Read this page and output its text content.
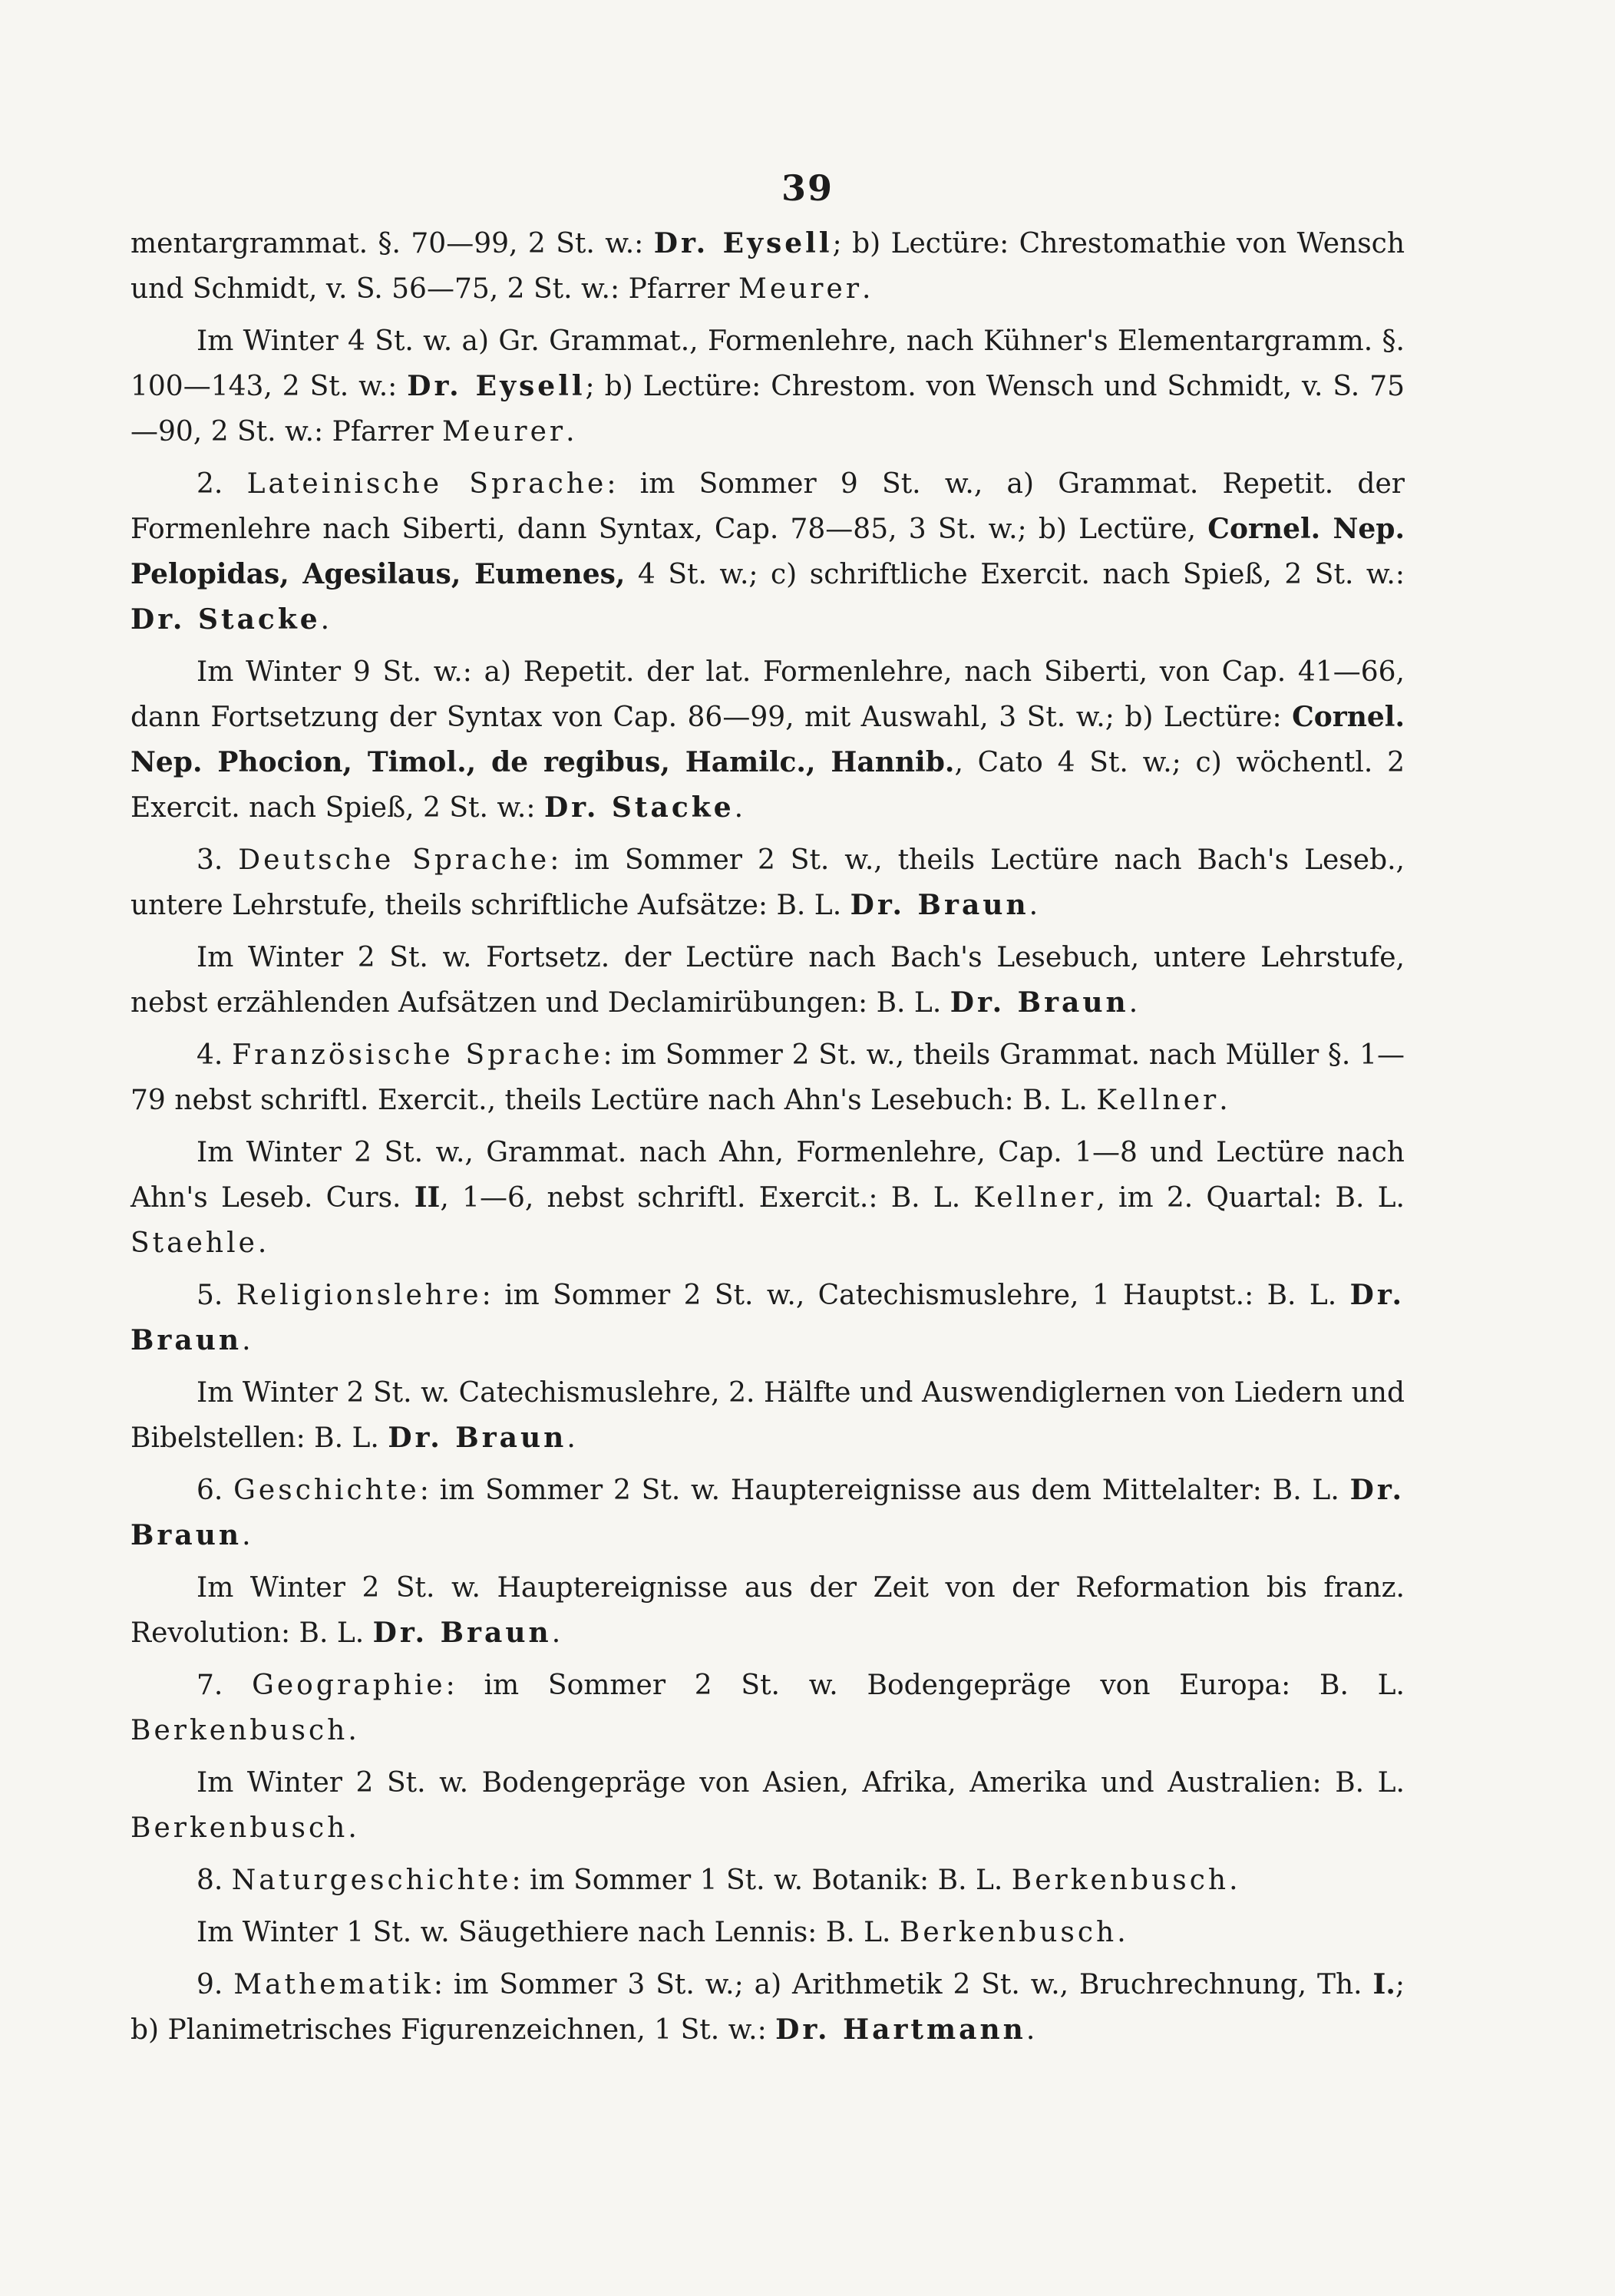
39

mentargrammat. §. 70—99, 2 St. w.: Dr. Eysell; b) Lectüre: Chrestomathie von Wensch und Schmidt, v. S. 56—75, 2 St. w.: Pfarrer Meurer.

Im Winter 4 St. w. a) Gr. Grammat., Formenlehre, nach Kühner's Elementargramm. §. 100—143, 2 St. w.: Dr. Eysell; b) Lectüre: Chrestom. von Wensch und Schmidt, v. S. 75—90, 2 St. w.: Pfarrer Meurer.

2. Lateinische Sprache: im Sommer 9 St. w., a) Grammat. Repetit. der Formenlehre nach Siberti, dann Syntax, Cap. 78—85, 3 St. w.; b) Lectüre, Cornel. Nep. Pelopidas, Agesilaus, Eumenes, 4 St. w.; c) schriftliche Exercit. nach Spieß, 2 St. w.: Dr. Stacke.

Im Winter 9 St. w.: a) Repetit. der lat. Formenlehre, nach Siberti, von Cap. 41—66, dann Fortsetzung der Syntax von Cap. 86—99, mit Auswahl, 3 St. w.; b) Lectüre: Cornel. Nep. Phocion, Timol., de regibus, Hamilc., Hannib., Cato 4 St. w.; c) wöchentl. 2 Exercit. nach Spieß, 2 St. w.: Dr. Stacke.

3. Deutsche Sprache: im Sommer 2 St. w., theils Lectüre nach Bach's Leseb., untere Lehrstufe, theils schriftliche Aufsätze: B. L. Dr. Braun.

Im Winter 2 St. w. Fortsetz. der Lectüre nach Bach's Lesebuch, untere Lehrstufe, nebst erzählenden Aufsätzen und Declamirübungen: B. L. Dr. Braun.

4. Französische Sprache: im Sommer 2 St. w., theils Grammat. nach Müller §. 1—79 nebst schriftl. Exercit., theils Lectüre nach Ahn's Lesebuch: B. L. Kellner.

Im Winter 2 St. w., Grammat. nach Ahn, Formenlehre, Cap. 1—8 und Lectüre nach Ahn's Leseb. Curs. II, 1—6, nebst schriftl. Exercit.: B. L. Kellner, im 2. Quartal: B. L. Staehle.

5. Religionslehre: im Sommer 2 St. w., Catechismuslehre, 1 Hauptst.: B. L. Dr. Braun.

Im Winter 2 St. w. Catechismuslehre, 2. Hälfte und Auswendiglernen von Liedern und Bibelstellen: B. L. Dr. Braun.

6. Geschichte: im Sommer 2 St. w. Hauptereignisse aus dem Mittelalter: B. L. Dr. Braun.

Im Winter 2 St. w. Hauptereignisse aus der Zeit von der Reformation bis franz. Revolution: B. L. Dr. Braun.

7. Geographie: im Sommer 2 St. w. Bodengepräge von Europa: B. L. Berkenbusch.

Im Winter 2 St. w. Bodengepräge von Asien, Afrika, Amerika und Australien: B. L. Berkenbusch.

8. Naturgeschichte: im Sommer 1 St. w. Botanik: B. L. Berkenbusch.

Im Winter 1 St. w. Säugethiere nach Lennis: B. L. Berkenbusch.

9. Mathematik: im Sommer 3 St. w.; a) Arithmetik 2 St. w., Bruchrechnung, Th. I.; b) Planimetrisches Figurenzeichnen, 1 St. w.: Dr. Hartmann.
